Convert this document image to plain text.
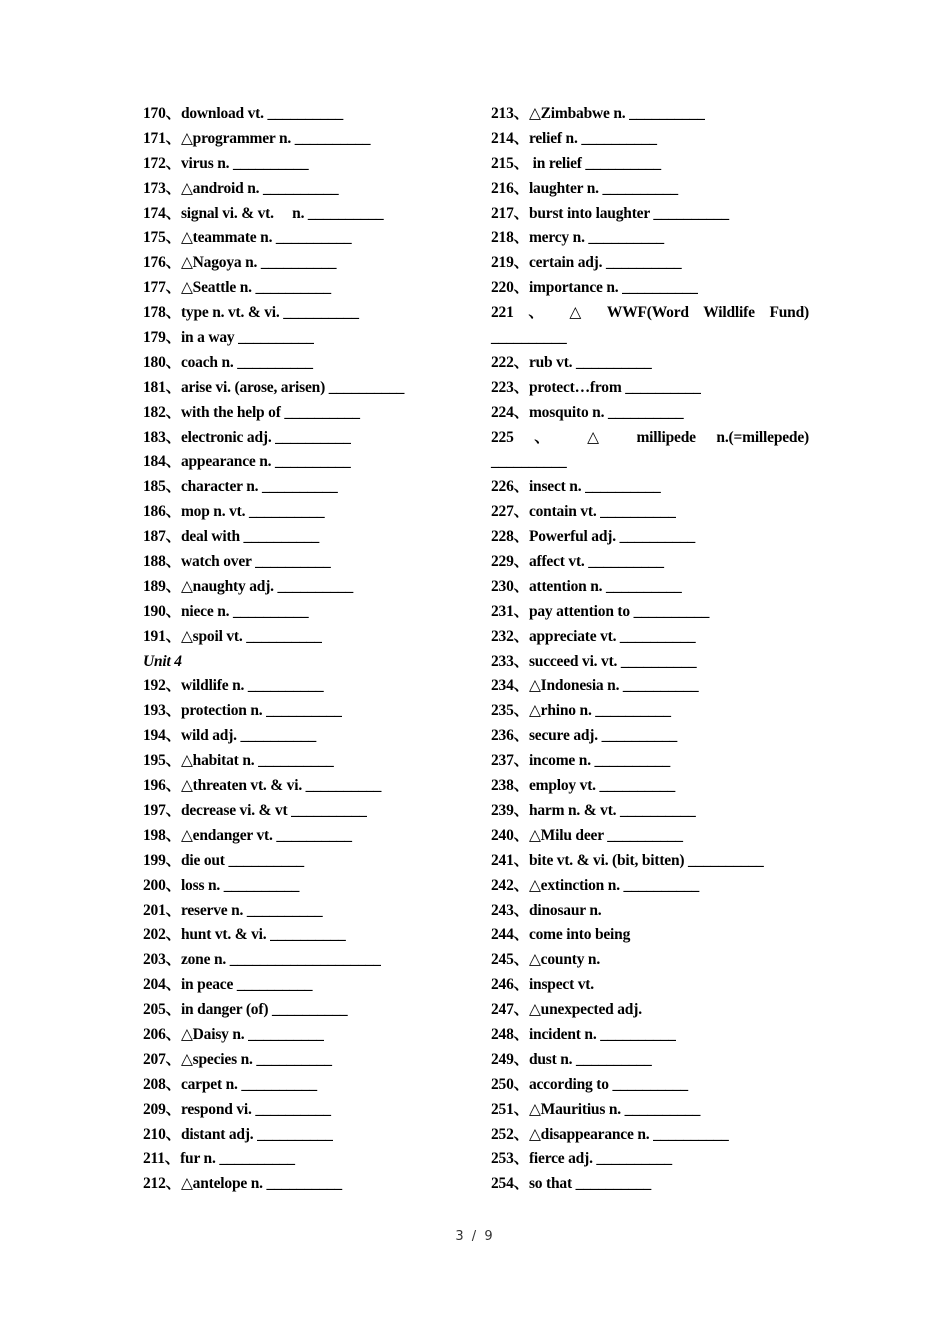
170、download vt. __________
171、△programmer n. __________
172、virus n. __________
173、△android n. __________
174、signal vi. & vt.     n. __________
175、△teammate n. __________
176、△Nagoya n. __________
177、△Seattle n. __________
178、type n. vt. & vi. __________
179、in a way __________
180、coach n. __________
181、arise vi. (arose, arisen) __________
182、with the help of __________
183、electronic adj. __________
184、appearance n. __________
185、character n. __________
186、mop n. vt. __________
187、deal with __________
188、watch over __________
189、△naughty adj. __________
190、niece n. __________
191、△spoil vt. __________
Unit 4
192、wildlife n. __________
193、protection n. __________
194、wild adj. __________
195、△habitat n. __________
196、△threaten vt. & vi. __________
197、decrease vi. & vt __________
198、△endanger vt. __________
199、die out __________
200、loss n. __________
201、reserve n. __________
202、hunt vt. & vi. __________
203、zone n. ____________________
204、in peace __________
205、in danger (of) __________
206、△Daisy n. __________
207、△species n. __________
208、carpet n. __________
209、respond vi. __________
210、distant adj. __________
211、fur n. __________
212、△antelope n. __________
213、△Zimbabwe n. __________
214、relief n. __________
215、 in relief __________
216、laughter n. __________
217、burst into laughter __________
218、mercy n. __________
219、certain adj. __________
220、importance n. __________
221 、 △ WWF(Word Wildlife Fund)
__________
222、rub vt. __________
223、protect…from __________
224、mosquito n. __________
225 、 △ millipede n.(=millepede)
__________
226、insect n. __________
227、contain vt. __________
228、Powerful adj. __________
229、affect vt. __________
230、attention n. __________
231、pay attention to __________
232、appreciate vt. __________
233、succeed vi. vt. __________
234、△Indonesia n. __________
235、△rhino n. __________
236、secure adj. __________
237、income n. __________
238、employ vt. __________
239、harm n. & vt. __________
240、△Milu deer __________
241、bite vt. & vi. (bit, bitten) __________
242、△extinction n. __________
243、dinosaur n.
244、come into being
245、△county n.
246、inspect vt.
247、△unexpected adj.
248、incident n. __________
249、dust n. __________
250、according to __________
251、△Mauritius n. __________
252、△disappearance n. __________
253、fierce adj. __________
254、so that __________
3 / 9
